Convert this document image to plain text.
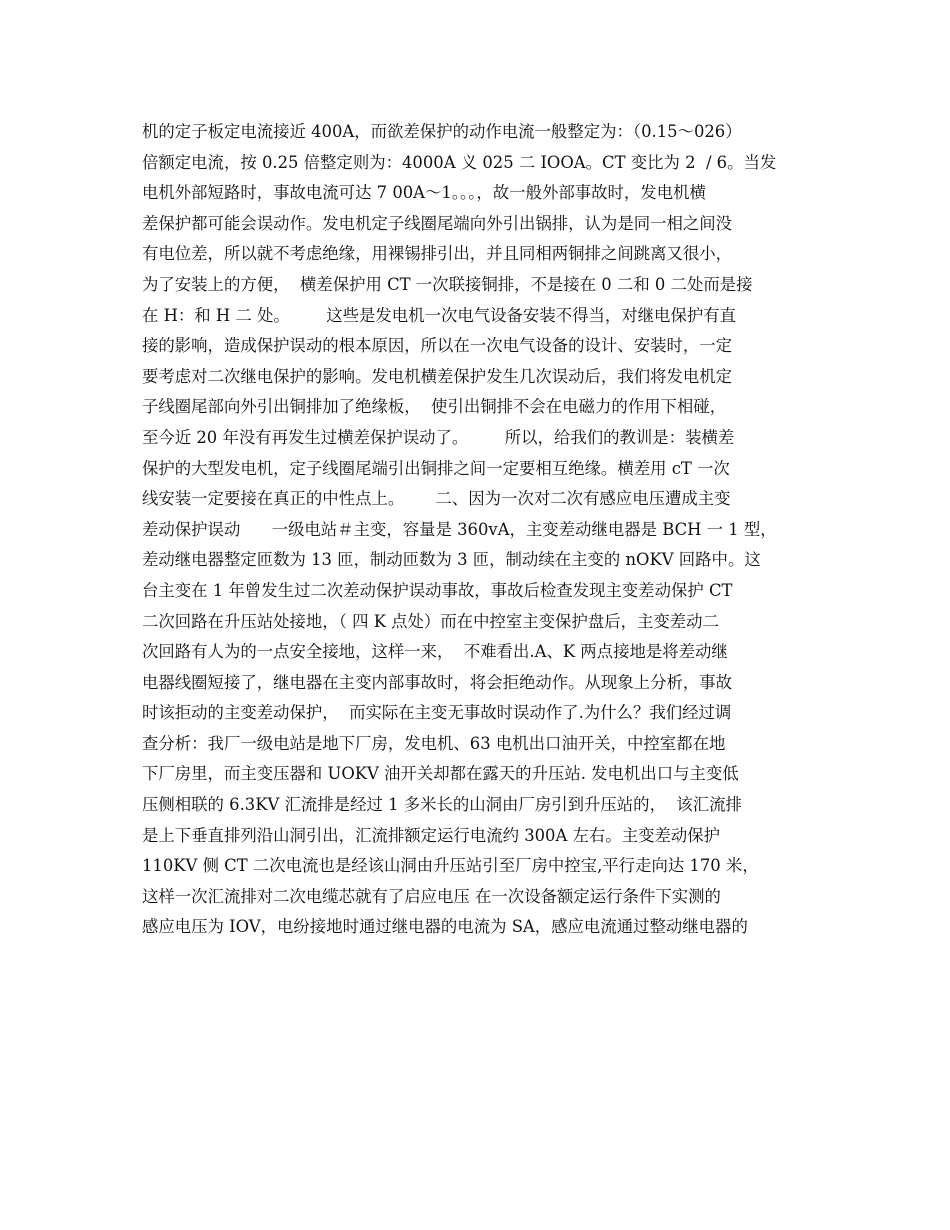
机的定子板定电流接近 400A，而欲差保护的动作电流一般整定为：（0.15～026）
倍额定电流，按 0.25 倍整定则为：4000A 义 025 二 IOOA。CT 变比为 2  / 6。当发
电机外部短路时，事故电流可达 7 00A～1。。。，故一般外部事故时，发电机横
差保护都可能会误动作。发电机定子线圈尾端向外引出锅排，认为是同一相之间没
有电位差，所以就不考虑绝缘，用裸锡排引出，并且同相两铜排之间跳离又很小，
为了安装上的方便，  横差保护用 CT 一次联接铜排，不是接在 0 二和 0 二处而是接
在 H：和 H 二 处。       这些是发电机一次电气设备安装不得当，对继电保护有直
接的影响，造成保护误动的根本原因，所以在一次电气设备的设计、安装时，一定
要考虑对二次继电保护的影响。发电机横差保护发生几次误动后，我们将发电机定
子线圈尾部向外引出铜排加了绝缘板，  使引出铜排不会在电磁力的作用下相碰，
至今近 20 年没有再发生过横差保护误动了。       所以，给我们的教训是：装横差
保护的大型发电机，定子线圈尾端引出铜排之间一定要相互绝缘。横差用 cT 一次
线安装一定要接在真正的中性点上。      二、因为一次对二次有感应电压遭成主变
差动保护误动      一级电站＃主变，容量是 360vA，主变差动继电器是 BCH 一 1 型，
差动继电器整定匝数为 13 匝，制动匝数为 3 匝，制动续在主变的 nOKV 回路中。这
台主变在 1 年曾发生过二次差动保护误动事故，事故后检查发现主变差动保护 CT
二次回路在升压站处接地，（ 四 K 点处）而在中控室主变保护盘后，主变差动二
次回路有人为的一点安全接地，这样一来，  不难看出.A、K 两点接地是将差动继
电器线圈短接了，继电器在主变内部事故时，将会拒绝动作。从现象上分析，事故
时该拒动的主变差动保护，  而实际在主变无事故时误动作了.为什么？我们经过调
查分析：我厂一级电站是地下厂房，发电机、63 电机出口油开关，中控室都在地
下厂房里，而主变压器和 UOKV 油开关却都在露天的升压站. 发电机出口与主变低
压侧相联的 6.3KV 汇流排是经过 1 多米长的山洞由厂房引到升压站的，  该汇流排
是上下垂直排列沿山洞引出，汇流排额定运行电流约 300A 左右。主变差动保护
110KV 侧 CT 二次电流也是经该山洞由升压站引至厂房中控宝,平行走向达 170 米，
这样一次汇流排对二次电缆芯就有了启应电压 在一次设备额定运行条件下实测的
感应电压为 IOV，电纷接地时通过继电器的电流为 SA，感应电流通过整动继电器的
